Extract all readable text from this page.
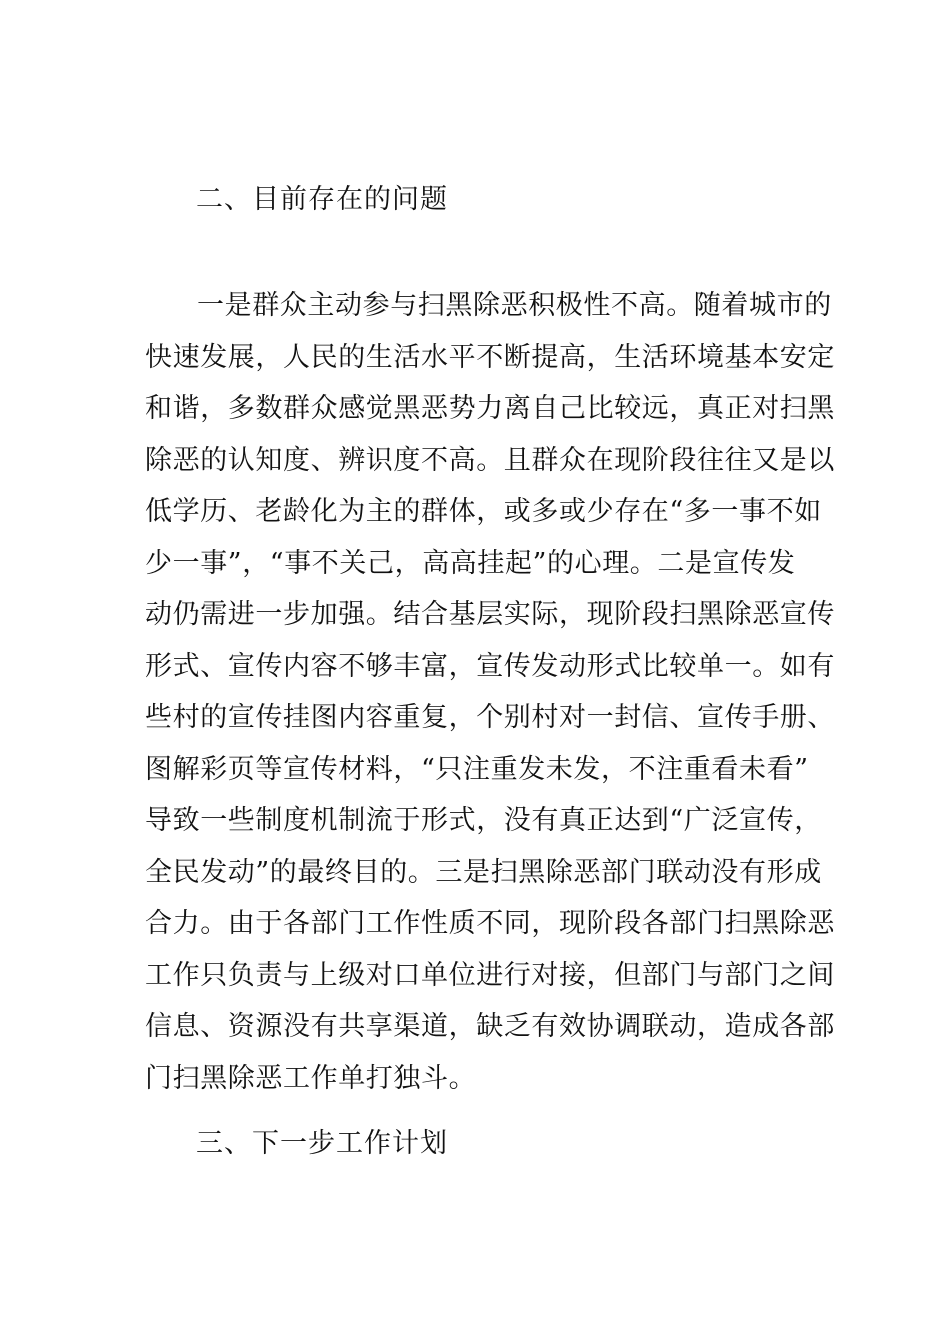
二、目前存在的问题
一是群众主动参与扫黑除恶积极性不高。随着城市的
快速发展，人民的生活水平不断提高，生活环境基本安定
和谐，多数群众感觉黑恶势力离自己比较远，真正对扫黑
除恶的认知度、辨识度不高。且群众在现阶段往往又是以
低学历、老龄化为主的群体，或多或少存在“多一事不如
少一事”，“事不关己，高高挂起”的心理。二是宣传发
动仍需进一步加强。结合基层实际，现阶段扫黑除恶宣传
形式、宣传内容不够丰富，宣传发动形式比较单一。如有
些村的宣传挂图内容重复，个别村对一封信、宣传手册、
图解彩页等宣传材料，“只注重发未发，不注重看未看”
导致一些制度机制流于形式，没有真正达到“广泛宣传，
全民发动”的最终目的。三是扫黑除恶部门联动没有形成
合力。由于各部门工作性质不同，现阶段各部门扫黑除恶
工作只负责与上级对口单位进行对接，但部门与部门之间
信息、资源没有共享渠道，缺乏有效协调联动，造成各部
门扫黑除恶工作单打独斗。
三、下一步工作计划
